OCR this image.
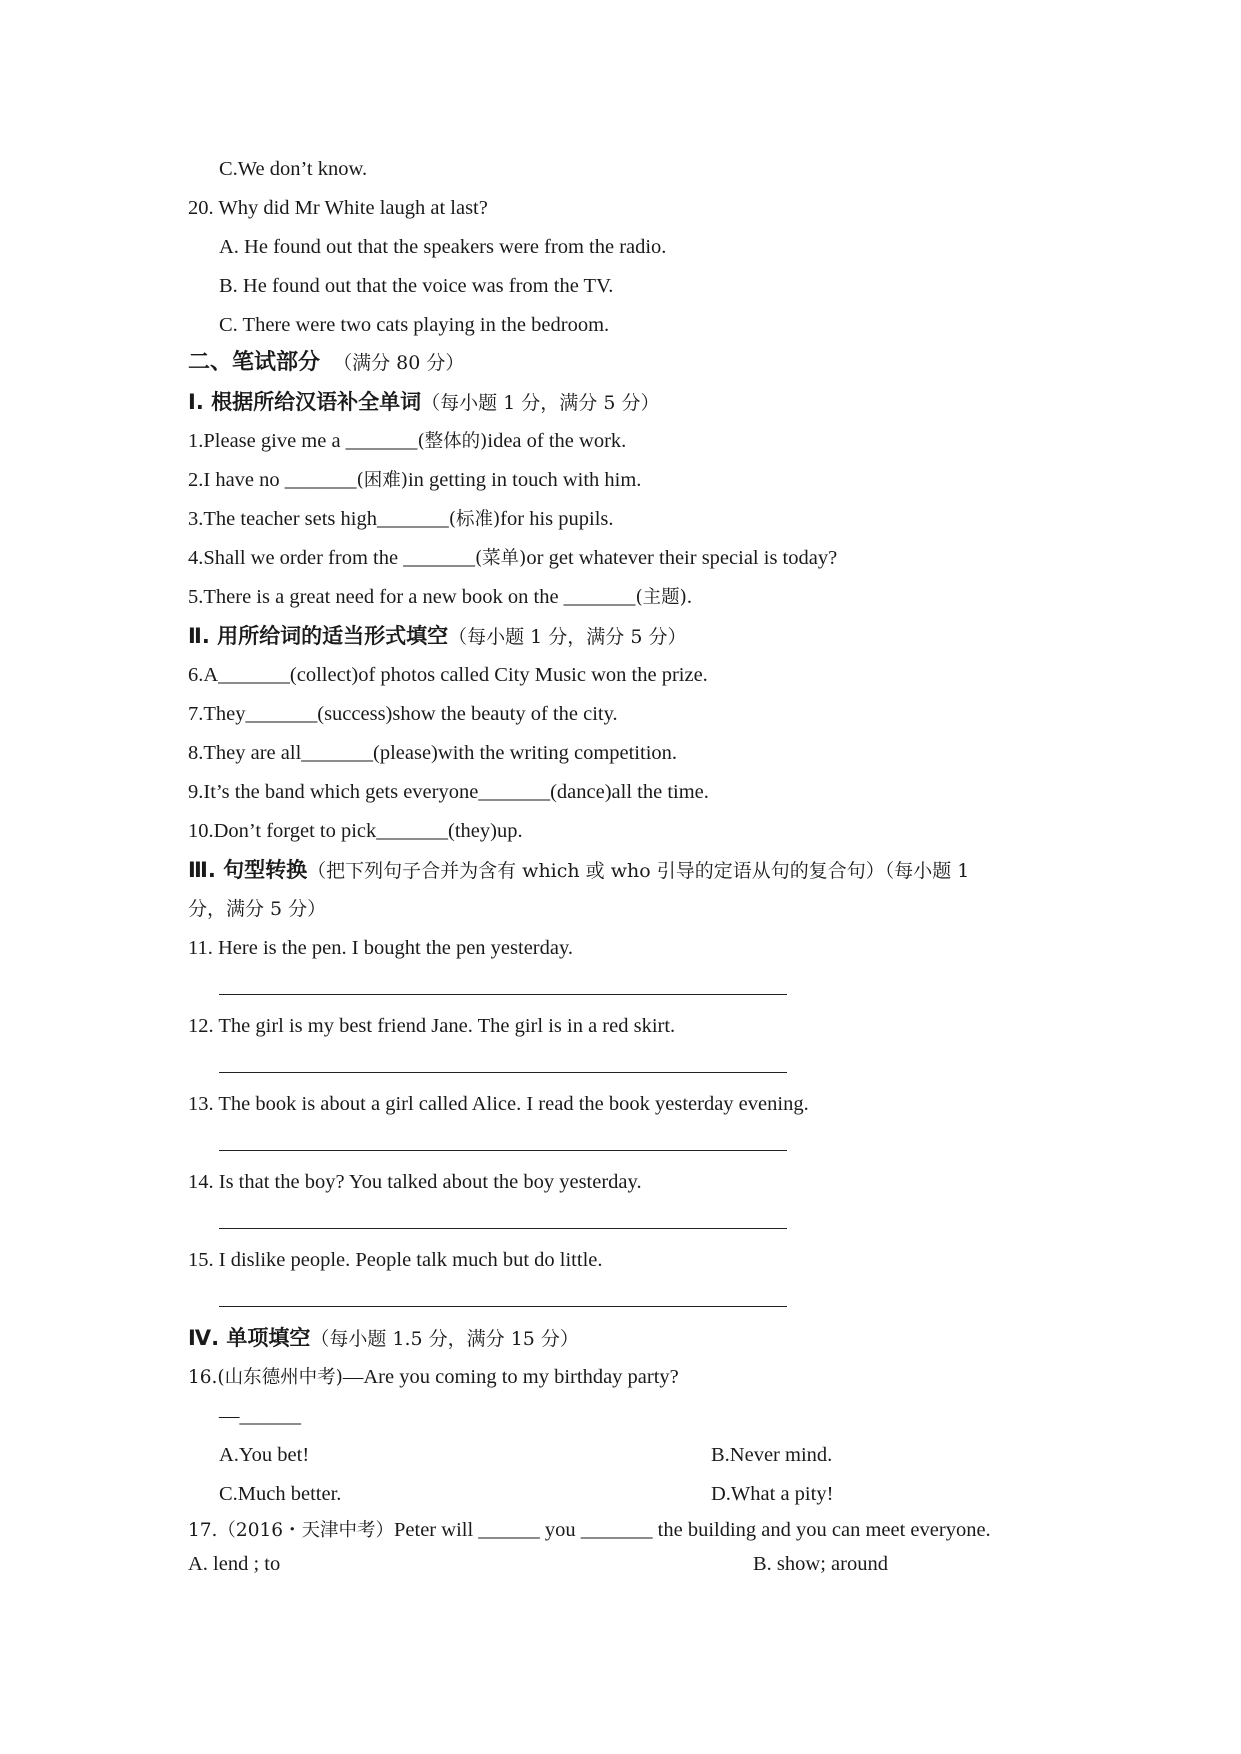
C.We don’t know.
20. Why did Mr White laugh at last?
A. He found out that the speakers were from the radio.
B. He found out that the voice was from the TV.
C. There were two cats playing in the bedroom.
二、笔试部分 （满分 80 分）
Ⅰ. 根据所给汉语补全单词（每小题 1 分，满分 5 分）
1.Please give me a _______(整体的)idea of the work.
2.I have no _______(困难)in getting in touch with him.
3.The teacher sets high_______(标准)for his pupils.
4.Shall we order from the _______(菜单)or get whatever their special is today?
5.There is a great need for a new book on the _______(主题).
Ⅱ. 用所给词的适当形式填空（每小题 1 分，满分 5 分）
6.A_______(collect)of photos called City Music won the prize.
7.They_______(success)show the beauty of the city.
8.They are all_______(please)with the writing competition.
9.It’s the band which gets everyone_______(dance)all the time.
10.Don’t forget to pick_______(they)up.
Ⅲ. 句型转换（把下列句子合并为含有 which 或 who 引导的定语从句的复合句）（每小题 1
分，满分 5 分）
11. Here is the pen. I bought the pen yesterday.
12. The girl is my best friend Jane. The girl is in a red skirt.
13. The book is about a girl called Alice. I read the book yesterday evening.
14. Is that the boy? You talked about the boy yesterday.
15. I dislike people. People talk much but do little.
Ⅳ. 单项填空（每小题 1.5 分，满分 15 分）
16.(山东德州中考)—Are you coming to my birthday party?
—______
A.You bet!	B.Never mind.
C.Much better.	D.What a pity!
17.（2016・天津中考）Peter will ______ you _______ the building and you can meet everyone.
A. lend ; to	B. show; around
